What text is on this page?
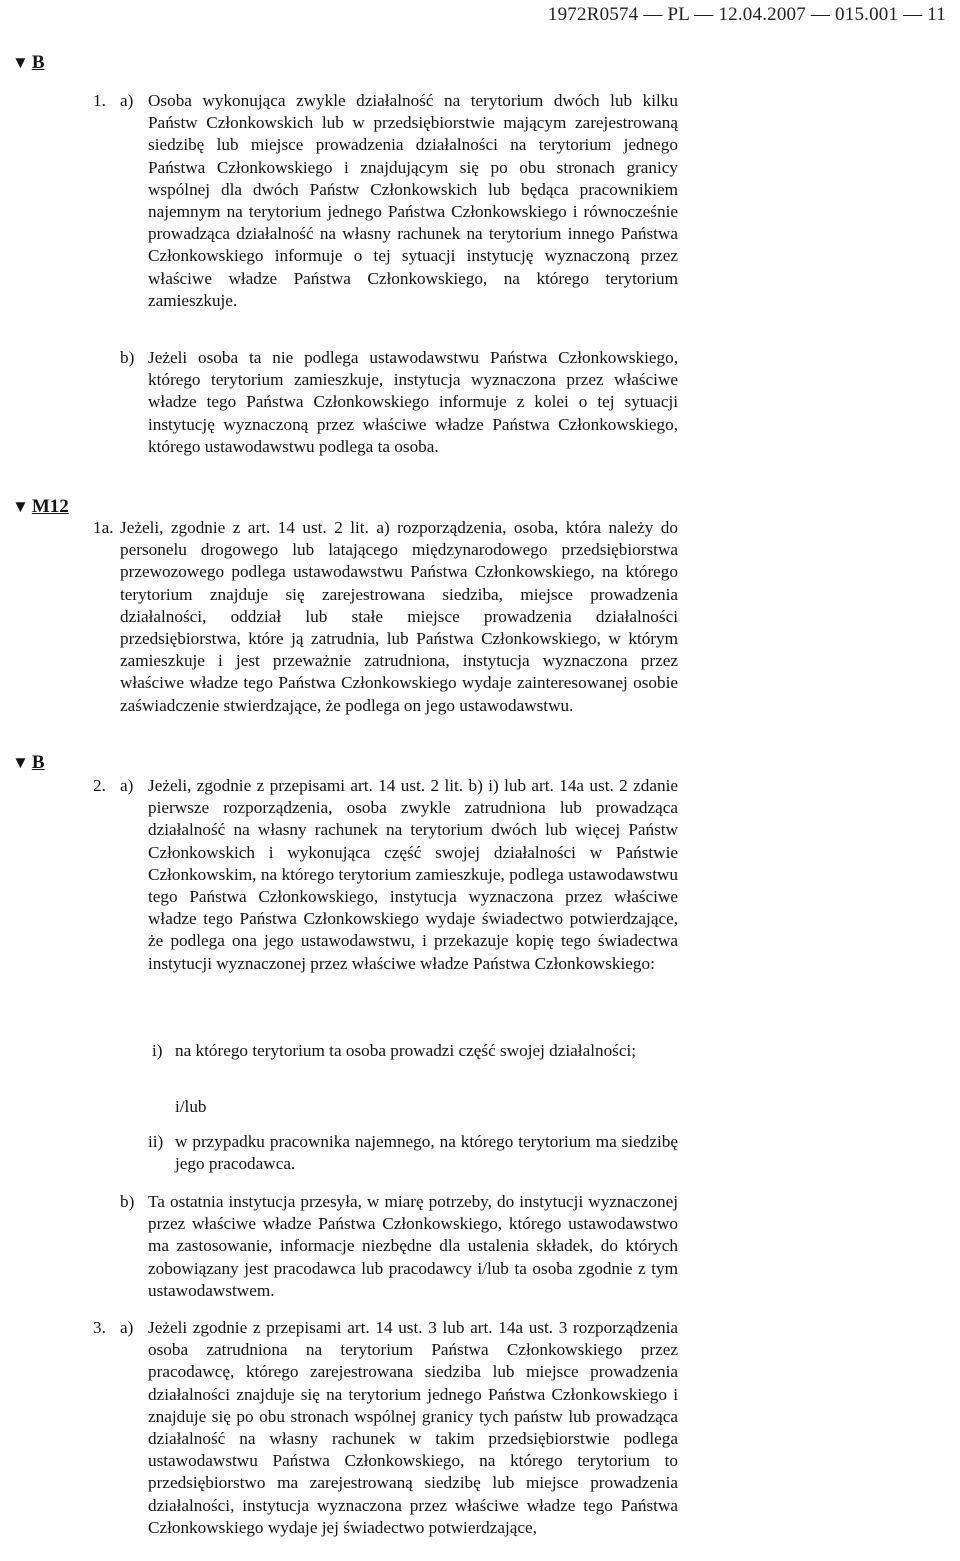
1972R0574 — PL — 12.04.2007 — 015.001 — 11
▼ B
▼ M12
▼ B
1. a) Osoba wykonująca zwykle działalność na terytorium dwóch lub kilku Państw Członkowskich lub w przedsiębiorstwie mającym zarejestrowaną siedzibę lub miejsce prowadzenia działalności na terytorium jednego Państwa Członkowskiego i znajdującym się po obu stronach granicy wspólnej dla dwóch Państw Członkowskich lub będąca pracownikiem najemnym na terytorium jednego Państwa Członkowskiego i równocześnie prowadząca działalność na własny rachunek na terytorium innego Państwa Członkowskiego informuje o tej sytuacji instytucję wyznaczoną przez właściwe władze Państwa Członkowskiego, na którego terytorium zamieszkuje.
b) Jeżeli osoba ta nie podlega ustawodawstwu Państwa Członkowskiego, którego terytorium zamieszkuje, instytucja wyznaczona przez właściwe władze tego Państwa Członkowskiego informuje z kolei o tej sytuacji instytucję wyznaczoną przez właściwe władze Państwa Członkowskiego, którego ustawodawstwu podlega ta osoba.
1a. Jeżeli, zgodnie z art. 14 ust. 2 lit. a) rozporządzenia, osoba, która należy do personelu drogowego lub latającego międzynarodowego przedsiębiorstwa przewozowego podlega ustawodawstwu Państwa Członkowskiego, na którego terytorium znajduje się zarejestrowana siedziba, miejsce prowadzenia działalności, oddział lub stałe miejsce prowadzenia działalności przedsiębiorstwa, które ją zatrudnia, lub Państwa Członkowskiego, w którym zamieszkuje i jest przeważnie zatrudniona, instytucja wyznaczona przez właściwe władze tego Państwa Członkowskiego wydaje zainteresowanej osobie zaświadczenie stwierdzające, że podlega on jego ustawodawstwu.
2. a) Jeżeli, zgodnie z przepisami art. 14 ust. 2 lit. b) i) lub art. 14a ust. 2 zdanie pierwsze rozporządzenia, osoba zwykle zatrudniona lub prowadząca działalność na własny rachunek na terytorium dwóch lub więcej Państw Członkowskich i wykonująca część swojej działalności w Państwie Członkowskim, na którego terytorium zamieszkuje, podlega ustawodawstwu tego Państwa Członkowskiego, instytucja wyznaczona przez właściwe władze tego Państwa Członkowskiego wydaje świadectwo potwierdzające, że podlega ona jego ustawodawstwu, i przekazuje kopię tego świadectwa instytucji wyznaczonej przez właściwe władze Państwa Członkowskiego:
i) na którego terytorium ta osoba prowadzi część swojej działalności;
i/lub
ii) w przypadku pracownika najemnego, na którego terytorium ma siedzibę jego pracodawca.
b) Ta ostatnia instytucja przesyła, w miarę potrzeby, do instytucji wyznaczonej przez właściwe władze Państwa Członkowskiego, którego ustawodawstwo ma zastosowanie, informacje niezbędne dla ustalenia składek, do których zobowiązany jest pracodawca lub pracodawcy i/lub ta osoba zgodnie z tym ustawodawstwem.
3. a) Jeżeli zgodnie z przepisami art. 14 ust. 3 lub art. 14a ust. 3 rozporządzenia osoba zatrudniona na terytorium Państwa Członkowskiego przez pracodawcę, którego zarejestrowana siedziba lub miejsce prowadzenia działalności znajduje się na terytorium jednego Państwa Członkowskiego i znajduje się po obu stronach wspólnej granicy tych państw lub prowadząca działalność na własny rachunek w takim przedsiębiorstwie podlega ustawodawstwu Państwa Członkowskiego, na którego terytorium to przedsiębiorstwo ma zarejestrowaną siedzibę lub miejsce prowadzenia działalności, instytucja wyznaczona przez właściwe władze tego Państwa Członkowskiego wydaje jej świadectwo potwierdzające,
